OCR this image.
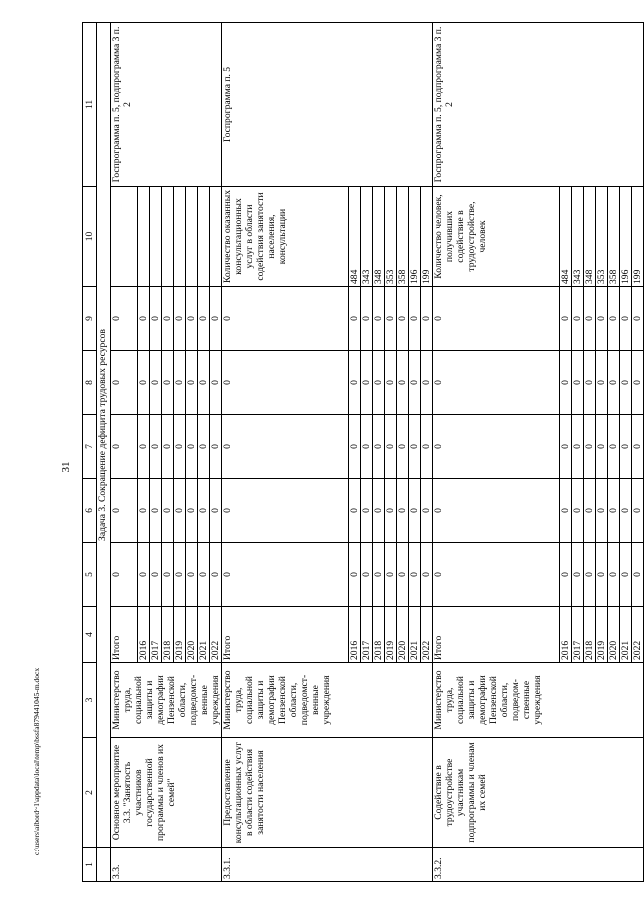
31
1	2	3	4	5	6	7	8	9	10	11
	Задача 3. Сокращение дефицита трудовых ресурсов									
3.3.	Основное мероприятие 3.3. "Занятость участников государственной программы и членов их семей"	Министерство труда, социальной защиты и демографии Пензенской области, подведомст-венные учреждения	Итого	0	0	0	0	0		Госпрограмма п. 5, подпрограмма 3 п. 2
			2016	0	0	0	0	0		
			2017	0	0	0	0	0		
			2018	0	0	0	0	0		
			2019	0	0	0	0	0		
			2020	0	0	0	0	0		
			2021	0	0	0	0	0		
			2022	0	0	0	0	0		
3.3.1.	Предоставление консультационных услуг в области содействия занятости населения	Министерство труда, социальной защиты и демографии Пензенской области, подведомст-венные учреждения	Итого	0	0	0	0	0	Количество оказанных консультационных услуг в области содействия занятости населения, консультации	Госпрограмма п. 5
			2016	0	0	0	0	0	484	
			2017	0	0	0	0	0	343	
			2018	0	0	0	0	0	348	
			2019	0	0	0	0	0	353	
			2020	0	0	0	0	0	358	
			2021	0	0	0	0	0	196	
			2022	0	0	0	0	0	199	
3.3.2.	Содействие в трудоустройстве участникам подпрограммы и членам их семей	Министерство труда, социальной защиты и демографии Пензенской области, подведом-ственные учреждения	Итого	0	0	0	0	0	Количество человек, получивших содействие в трудоустройстве, человек	Госпрограмма п. 5, подпрограмма 3 п. 2
			2016	0	0	0	0	0	484	
			2017	0	0	0	0	0	343	
			2018	0	0	0	0	0	348	
			2019	0	0	0	0	0	353	
			2020	0	0	0	0	0	358	
			2021	0	0	0	0	0	196	
			2022	0	0	0	0	0	199	
c:\users\aibord~1\appdata\local\temp\bssfa879441045-m.docx
